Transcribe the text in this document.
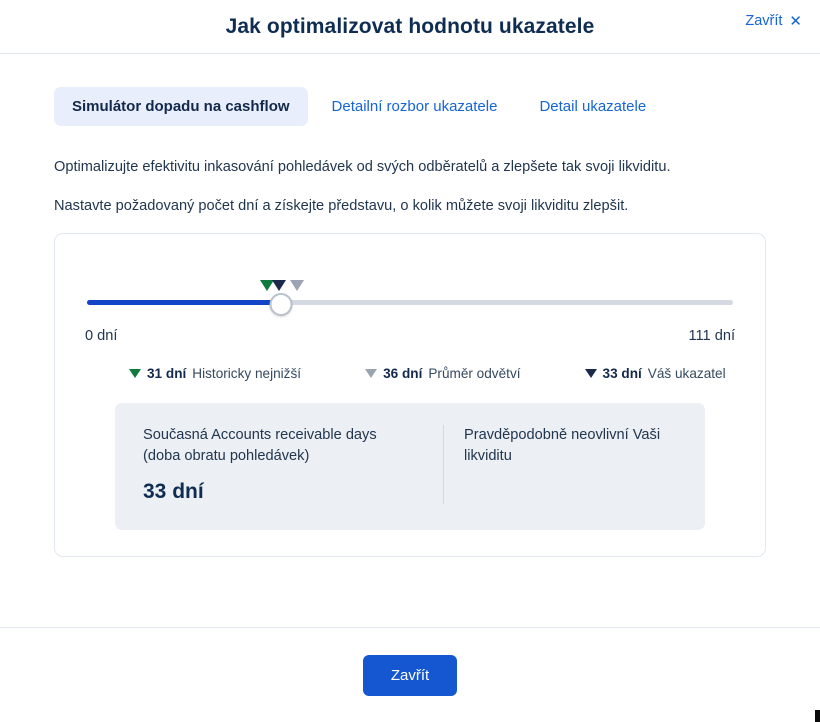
Jak optimalizovat hodnotu ukazatele	Zavřít ✕
Simulátor dopadu na cashflow	Detailní rozbor ukazatele	Detail ukazatele

Optimalizujte efektivitu inkasování pohledávek od svých odběratelů a zlepšete tak svoji likviditu.

Nastavte požadovaný počet dní a získejte představu, o kolik můžete svoji likviditu zlepšit.

0 dní	111 dní
31 dní Historicky nejnižší	36 dní Průměr odvětví	33 dní Váš ukazatel
Současná Accounts receivable days
(doba obratu pohledávek)
33 dní
Pravděpodobně neovlivní Vaši likviditu
Zavřít
